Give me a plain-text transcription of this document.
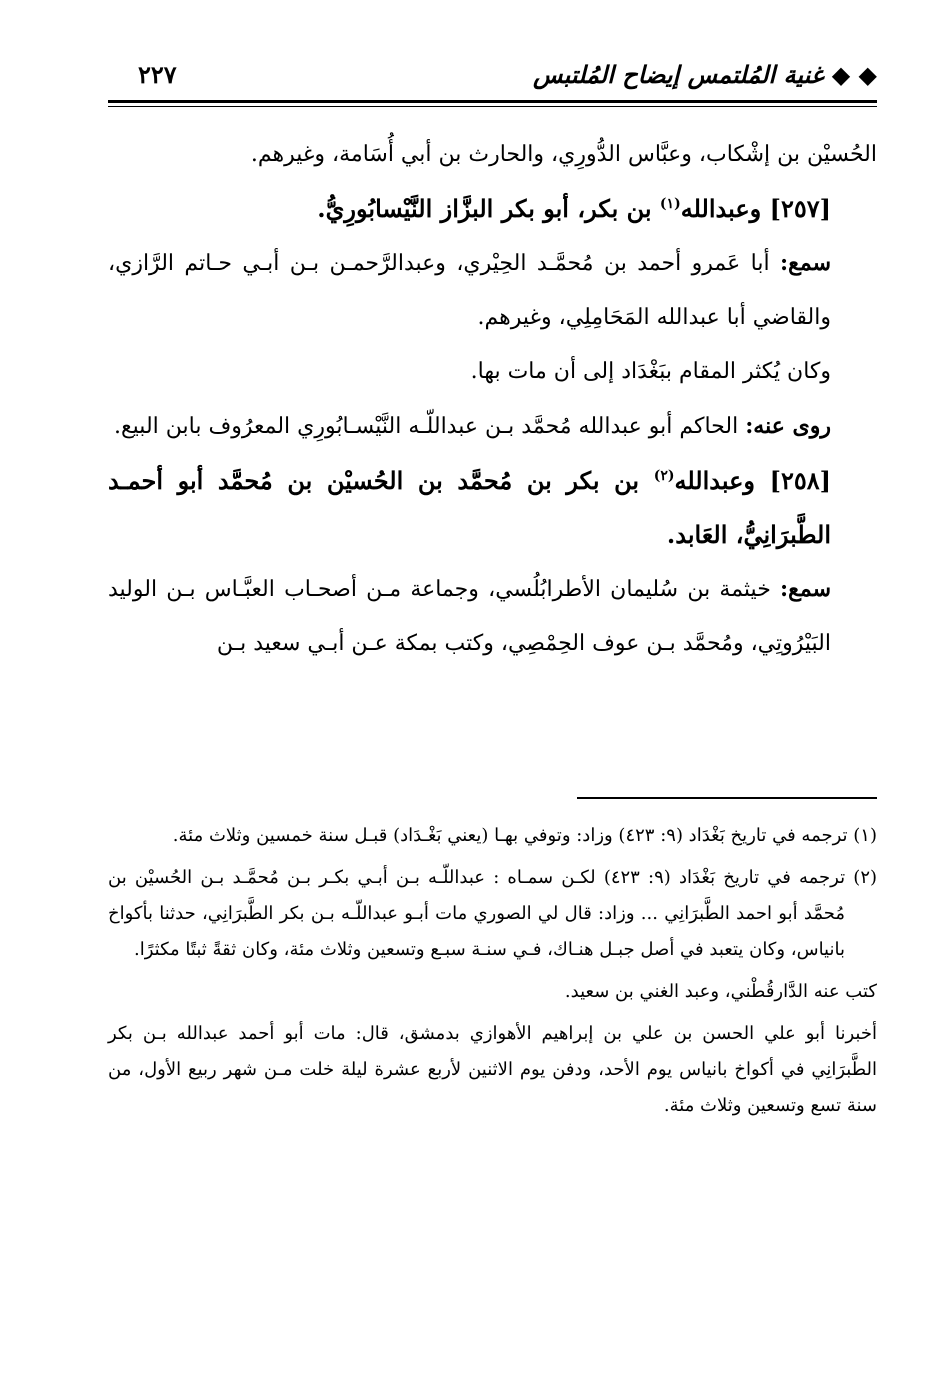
◆ ◆ غنية المُلتمس إيضاح المُلتبس
٢٢٧

الحُسيْن بن إشْكاب، وعبَّاس الدُّورِي، والحارث بن أبي أُسَامة، وغيرهم.

[٢٥٧] وعبدالله$^{(١)}$ بن بكر، أبو بكر البزَّاز النَّيْسابُورِيُّ.

سمع: أبا عَمرو أحمد بن مُحمَّـد الحِيْري، وعبدالرَّحمـن بـن أبـي حـاتم الرَّازي، والقاضي أبا عبدالله المَحَامِلِي، وغيرهم.

وكان يُكثر المقام ببَغْدَاد إلى أن مات بها.

روى عنه: الحاكم أبو عبدالله مُحمَّد بـن عبداللّـه النَّيْسـابُورِي المعرُوف بابن البيع.

[٢٥٨] وعبدالله$^{(٢)}$ بن بكر بن مُحمَّد بن الحُسيْن بن مُحمَّد أبو أحمـد الطَّبرَانِيُّ، العَابد.

سمع: خيثمة بن سُليمان الأطرابُلُسي، وجماعة مـن أصحـاب العبَّـاس بـن الوليد البَيْرُوتِي، ومُحمَّد بـن عوف الحِمْصِي، وكتب بمكة عـن أبـي سعيد بـن

(١) ترجمه في تاريخ بَغْدَاد (٩: ٤٢٣) وزاد: وتوفي بهـا (يعني بَغْـدَاد) قبـل سنة خمسين وثلاث مئة.

(٢) ترجمه في تاريخ بَغْدَاد (٩: ٤٢٣) لكـن سمـاه : عبداللّـه بـن أبـي بكـر بـن مُحمَّـد بـن الحُسيْن بن مُحمَّد أبو احمد الطَّبرَانِي ... وزاد: قال لي الصوري مات أبـو عبداللّـه بـن بكر الطَّبرَانِي، حدثنا بأكواخ بانياس، وكان يتعبد في أصل جبـل هنـاك، فـي سنـة سبـع وتسعين وثلاث مئة، وكان ثقةً ثبتًا مكثرًا.

كتب عنه الدَّارقُطْني، وعبد الغني بن سعيد.

أخبرنا أبو علي الحسن بن علي بن إبراهيم الأهوازي بدمشق، قال: مات أبو أحمد عبدالله بـن بكر الطَّبرَانِي في أكواخ بانياس يوم الأحد، ودفن يوم الاثنين لأربع عشرة ليلة خلت مـن شهر ربيع الأول، من سنة تسع وتسعين وثلاث مئة.
